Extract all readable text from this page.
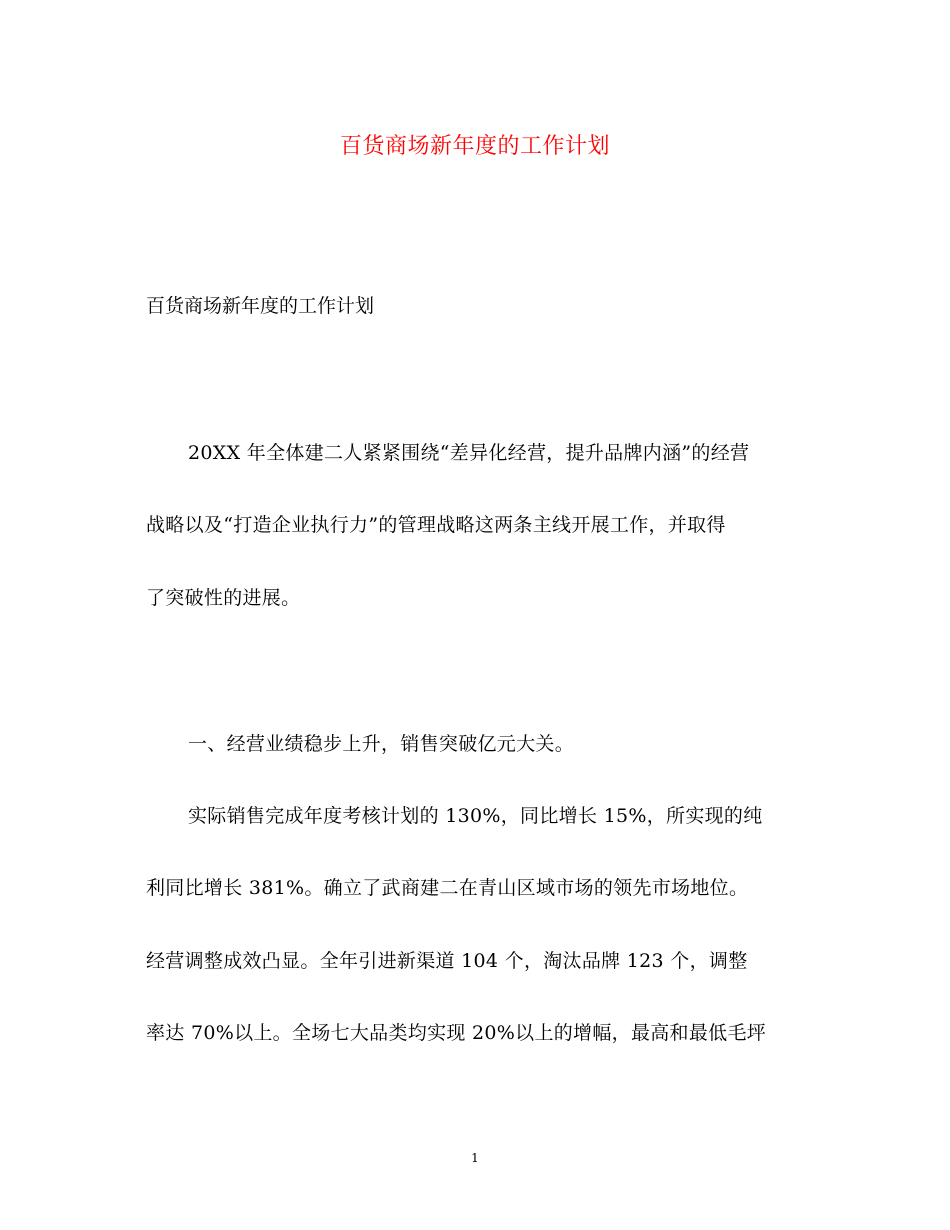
百货商场新年度的工作计划
百货商场新年度的工作计划
20XX 年全体建二人紧紧围绕“差异化经营，提升品牌内涵”的经营
战略以及“打造企业执行力”的管理战略这两条主线开展工作，并取得
了突破性的进展。
一、经营业绩稳步上升，销售突破亿元大关。
实际销售完成年度考核计划的 130%，同比增长 15%，所实现的纯
利同比增长 381%。确立了武商建二在青山区域市场的领先市场地位。
经营调整成效凸显。全年引进新渠道 104 个，淘汰品牌 123 个，调整
率达 70%以上。全场七大品类均实现 20%以上的增幅，最高和最低毛坪
1
